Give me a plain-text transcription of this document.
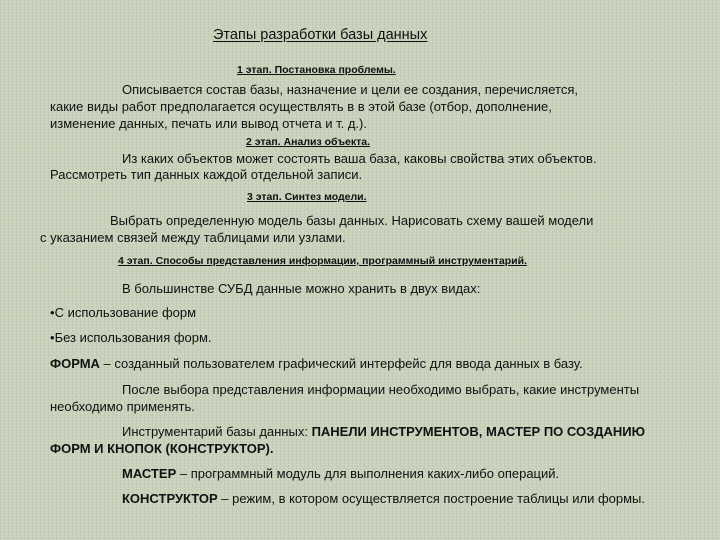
Этапы разработки базы данных
1 этап. Постановка проблемы.
Описывается состав базы, назначение и цели ее создания, перечисляется,
какие виды работ предполагается осуществлять в в этой базе (отбор, дополнение,
изменение данных, печать или вывод отчета и т. д.).
2 этап. Анализ объекта.
Из каких объектов может состоять ваша база, каковы свойства этих объектов.
Рассмотреть тип данных каждой отдельной записи.
3 этап. Синтез модели.
Выбрать определенную модель базы данных. Нарисовать схему вашей модели
с указанием связей между таблицами или узлами.
4 этап. Способы представления информации, программный инструментарий.
В большинстве СУБД данные можно хранить в двух видах:
•С использование форм
•Без использования форм.
ФОРМА – созданный пользователем графический интерфейс для ввода данных в базу.
После выбора представления информации необходимо выбрать, какие инструменты
необходимо применять.
Инструментарий базы данных: ПАНЕЛИ ИНСТРУМЕНТОВ, МАСТЕР ПО СОЗДАНИЮ
ФОРМ И КНОПОК (КОНСТРУКТОР).
МАСТЕР – программный модуль для выполнения каких-либо операций.
КОНСТРУКТОР – режим, в котором осуществляется построение таблицы или формы.
